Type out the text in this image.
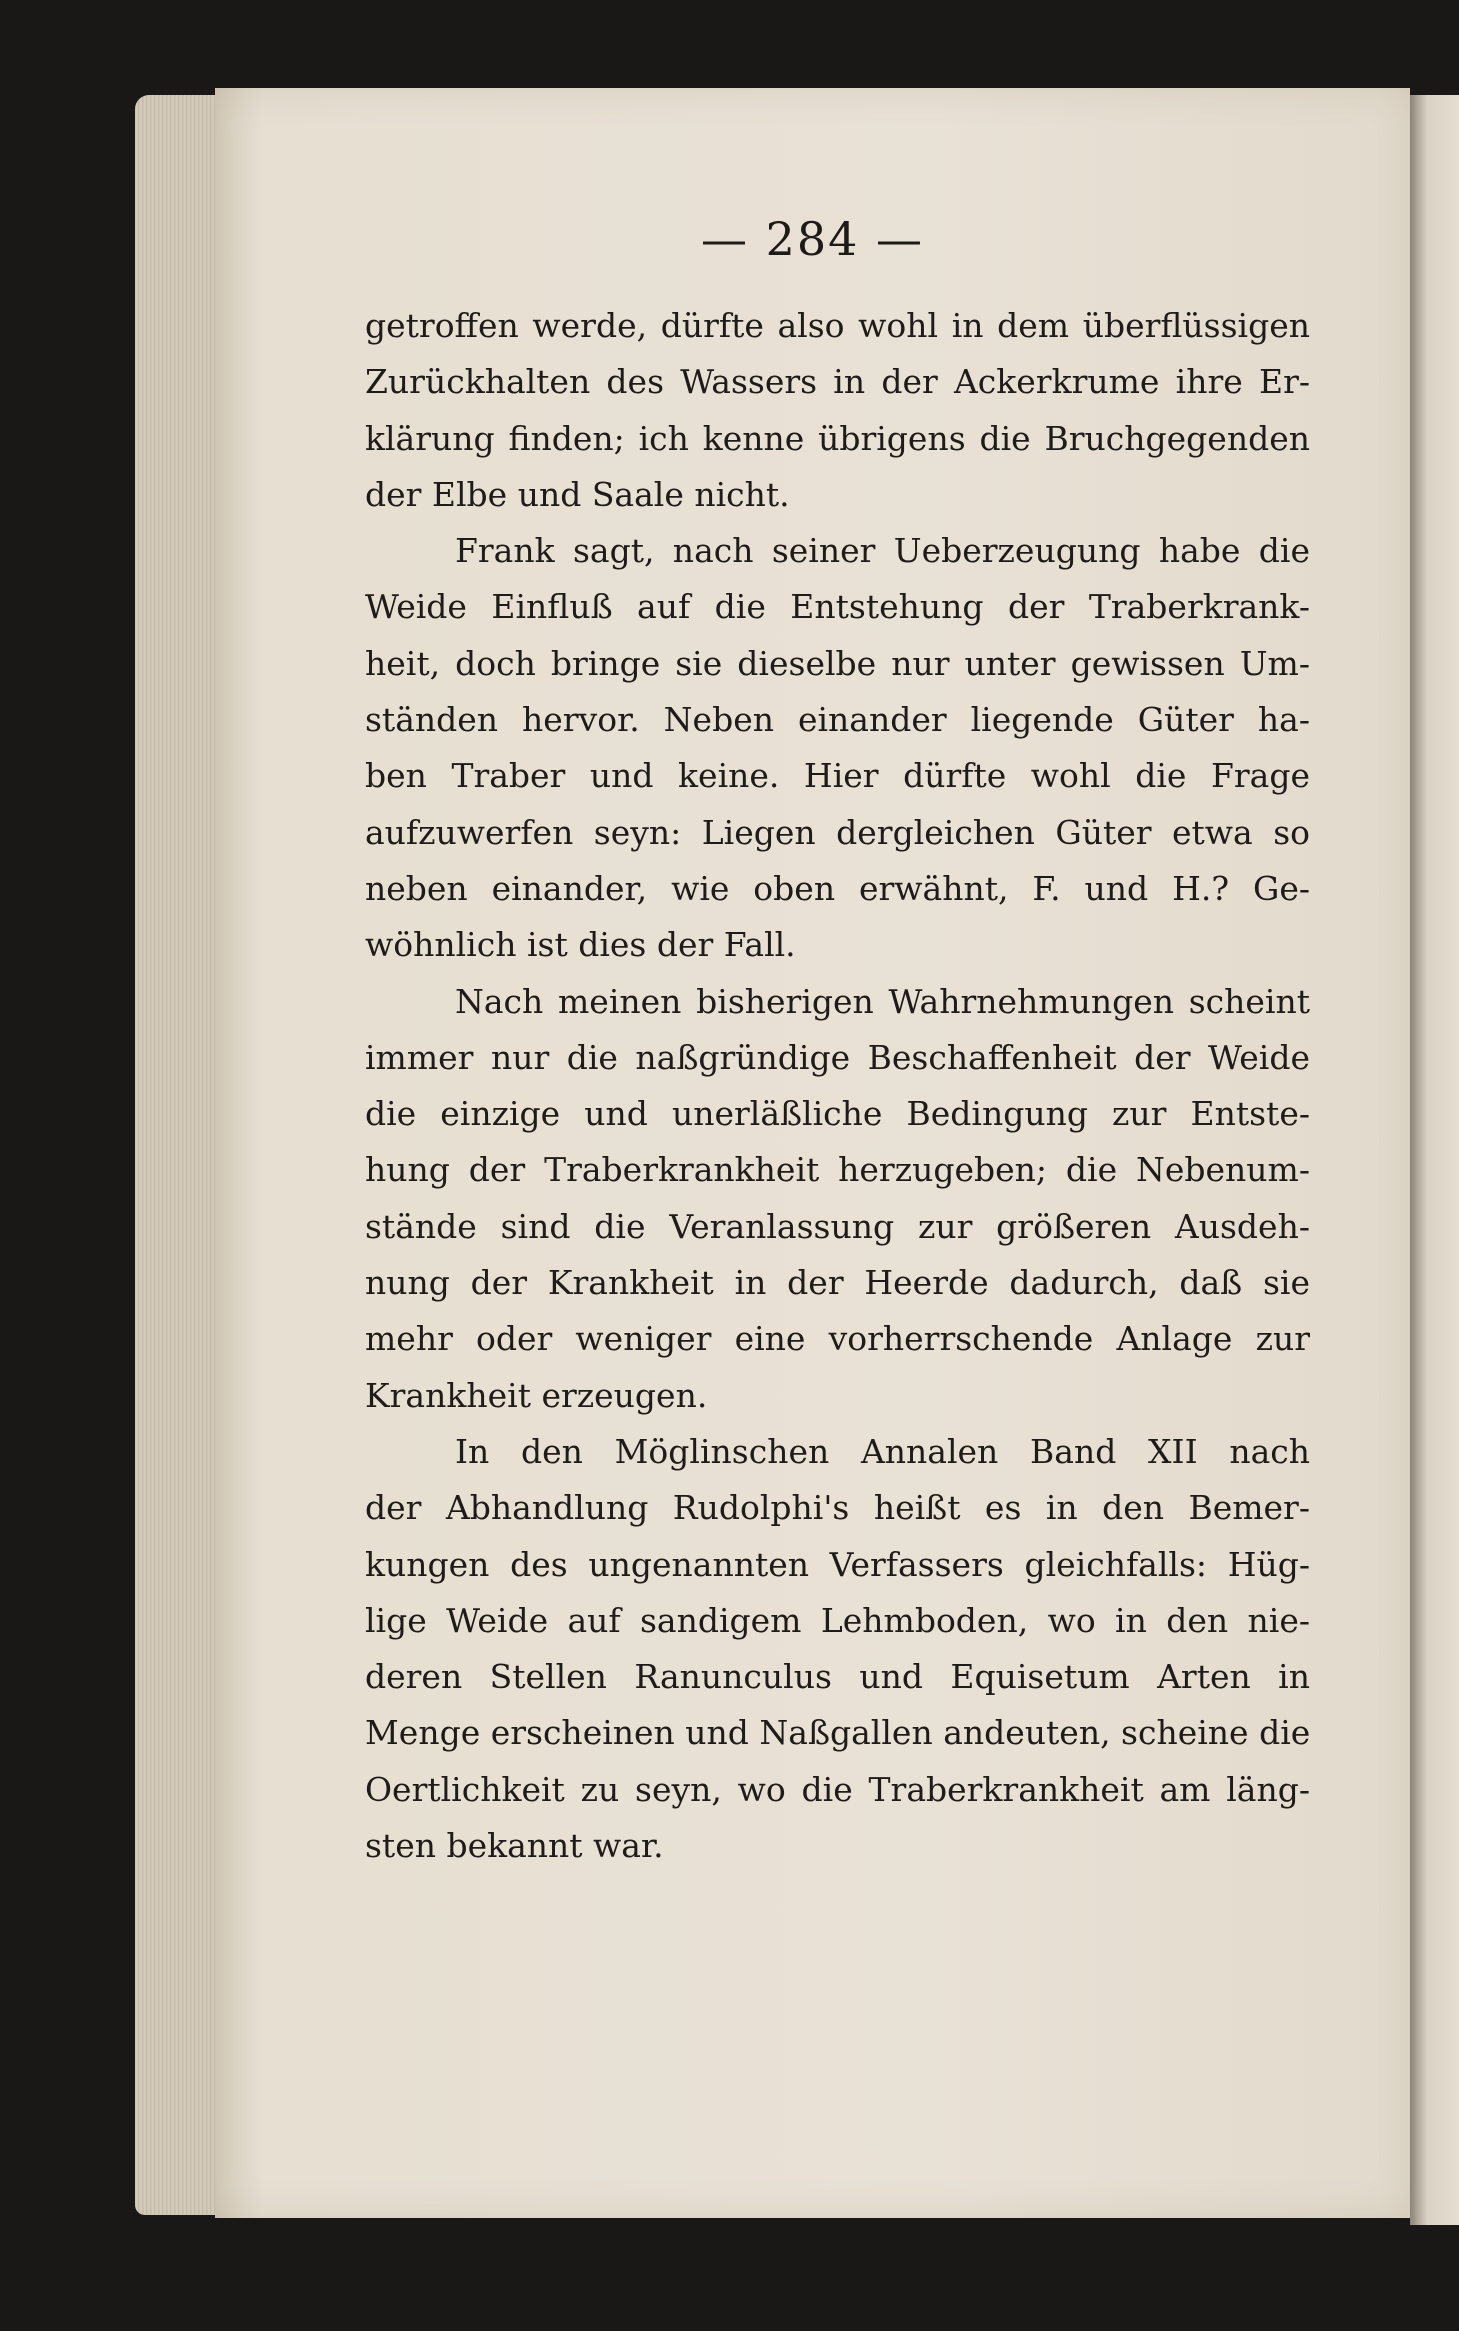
— 284 —
getroffen werde, dürfte also wohl in dem überflüssigen
Zurückhalten des Wassers in der Ackerkrume ihre Er-
klärung finden; ich kenne übrigens die Bruchgegenden
der Elbe und Saale nicht.
Frank sagt, nach seiner Ueberzeugung habe die
Weide Einfluß auf die Entstehung der Traberkrank-
heit, doch bringe sie dieselbe nur unter gewissen Um-
ständen hervor. Neben einander liegende Güter ha-
ben Traber und keine. Hier dürfte wohl die Frage
aufzuwerfen seyn: Liegen dergleichen Güter etwa so
neben einander, wie oben erwähnt, F. und H.? Ge-
wöhnlich ist dies der Fall.
Nach meinen bisherigen Wahrnehmungen scheint
immer nur die naßgründige Beschaffenheit der Weide
die einzige und unerläßliche Bedingung zur Entste-
hung der Traberkrankheit herzugeben; die Nebenum-
stände sind die Veranlassung zur größeren Ausdeh-
nung der Krankheit in der Heerde dadurch, daß sie
mehr oder weniger eine vorherrschende Anlage zur
Krankheit erzeugen.
In den Möglinschen Annalen Band XII nach
der Abhandlung Rudolphi's heißt es in den Bemer-
kungen des ungenannten Verfassers gleichfalls: Hüg-
lige Weide auf sandigem Lehmboden, wo in den nie-
deren Stellen Ranunculus und Equisetum Arten in
Menge erscheinen und Naßgallen andeuten, scheine die
Oertlichkeit zu seyn, wo die Traberkrankheit am läng-
sten bekannt war.
